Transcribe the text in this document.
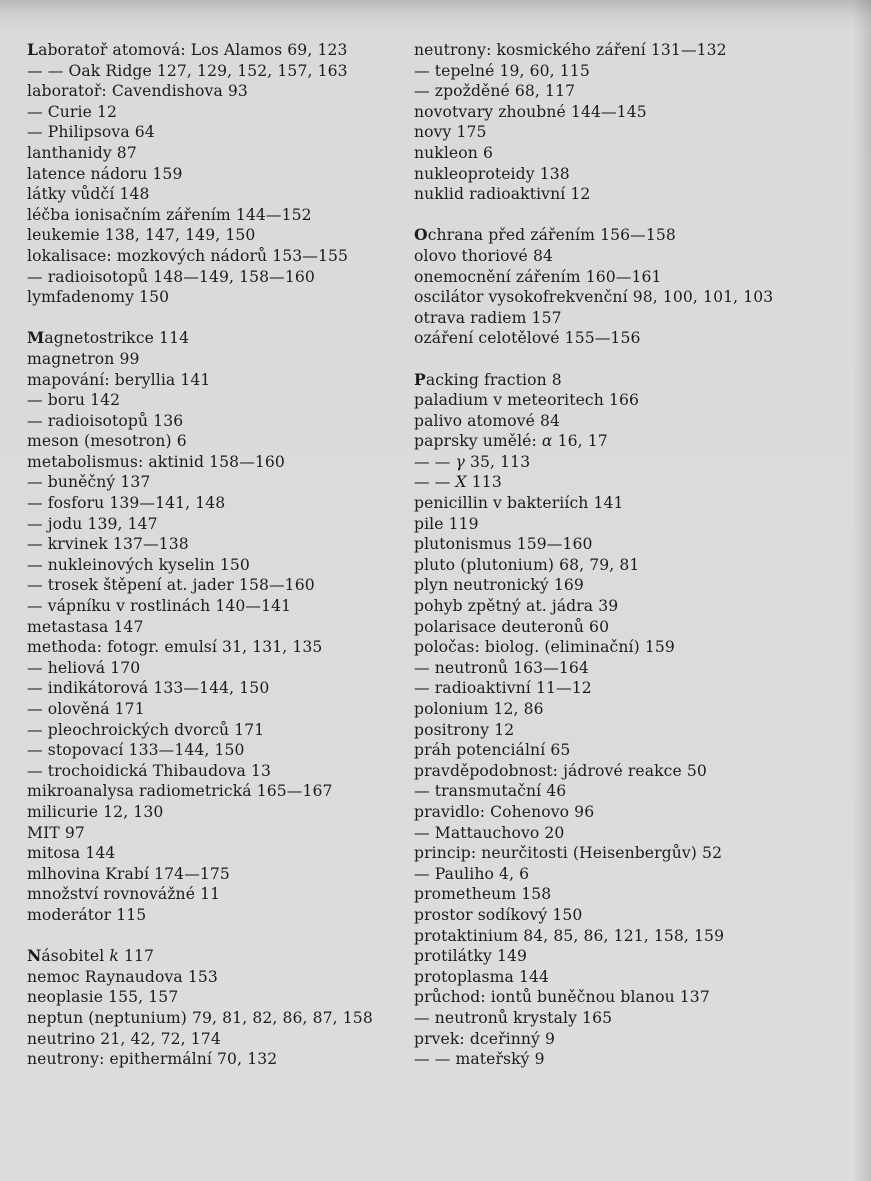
Laboratoř atomová: Los Alamos 69, 123
— — Oak Ridge 127, 129, 152, 157, 163
laboratoř: Cavendishova 93
— Curie 12
— Philipsova 64
lanthanidy 87
latence nádoru 159
látky vůdčí 148
léčba ionisačním zářením 144—152
leukemie 138, 147, 149, 150
lokalisace: mozkových nádorů 153—155
— radioisotopů 148—149, 158—160
lymfadenomy 150
Magnetostrikce 114
magnetron 99
mapování: beryllia 141
— boru 142
— radioisotopů 136
meson (mesotron) 6
metabolismus: aktinid 158—160
— buněčný 137
— fosforu 139—141, 148
— jodu 139, 147
— krvinek 137—138
— nukleinových kyselin 150
— trosek štěpení at. jader 158—160
— vápníku v rostlinách 140—141
metastasa 147
methoda: fotogr. emulsí 31, 131, 135
— heliová 170
— indikátorová 133—144, 150
— olověná 171
— pleochroických dvorců 171
— stopovací 133—144, 150
— trochoidická Thibaudova 13
mikroanalysa radiometrická 165—167
milicurie 12, 130
MIT 97
mitosa 144
mlhovina Krabí 174—175
množství rovnovážné 11
moderátor 115
Násobitel k 117
nemoc Raynaudova 153
neoplasie 155, 157
neptun (neptunium) 79, 81, 82, 86, 87, 158
neutrino 21, 42, 72, 174
neutrony: epithermální 70, 132
neutrony: kosmického záření 131—132
— tepelné 19, 60, 115
— zpožděné 68, 117
novotvary zhoubné 144—145
novy 175
nukleon 6
nukleoproteidy 138
nuklid radioaktivní 12
Ochrana před zářením 156—158
olovo thoriové 84
onemocnění zářením 160—161
oscilátor vysokofrekvenční 98, 100, 101, 103
otrava radiem 157
ozáření celotělové 155—156
Packing fraction 8
paladium v meteoritech 166
palivo atomové 84
paprsky umělé: α 16, 17
— — γ 35, 113
— — X 113
penicillin v bakteriích 141
pile 119
plutonismus 159—160
pluto (plutonium) 68, 79, 81
plyn neutronický 169
pohyb zpětný at. jádra 39
polarisace deuteronů 60
poločas: biolog. (eliminační) 159
— neutronů 163—164
— radioaktivní 11—12
polonium 12, 86
positrony 12
práh potenciální 65
pravděpodobnost: jádrové reakce 50
— transmutační 46
pravidlo: Cohenovo 96
— Mattauchovo 20
princip: neurčitosti (Heisenbergův) 52
— Pauliho 4, 6
prometheum 158
prostor sodíkový 150
protaktinium 84, 85, 86, 121, 158, 159
protilátky 149
protoplasma 144
průchod: iontů buněčnou blanou 137
— neutronů krystaly 165
prvek: dceřinný 9
— — mateřský 9
